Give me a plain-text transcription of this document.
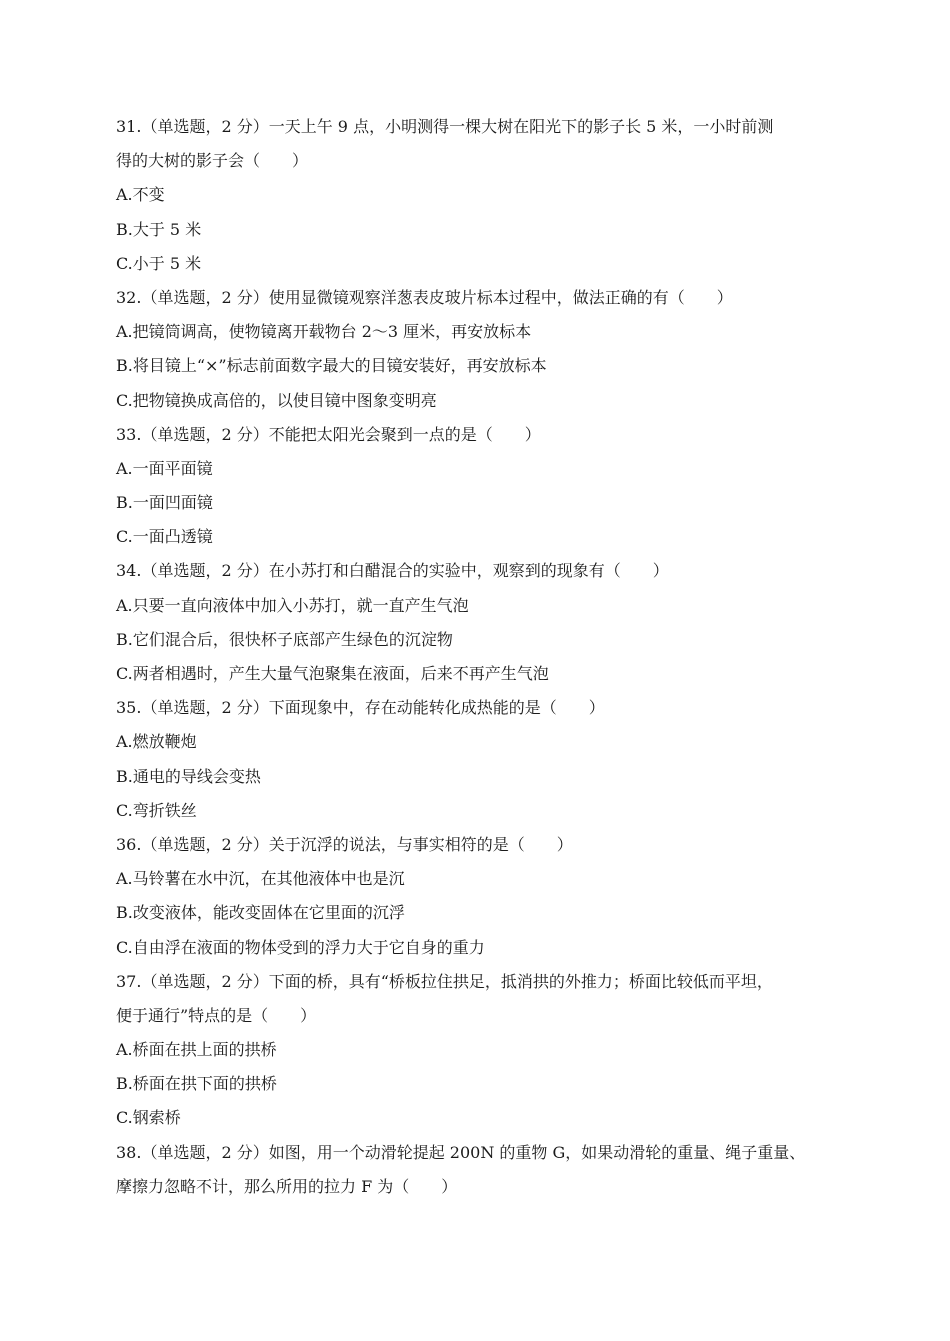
31.（单选题，2 分）一天上午 9 点，小明测得一棵大树在阳光下的影子长 5 米，一小时前测
得的大树的影子会（　　）
A.不变
B.大于 5 米
C.小于 5 米
32.（单选题，2 分）使用显微镜观察洋葱表皮玻片标本过程中，做法正确的有（　　）
A.把镜筒调高，使物镜离开载物台 2～3 厘米，再安放标本
B.将目镜上“×”标志前面数字最大的目镜安装好，再安放标本
C.把物镜换成高倍的，以使目镜中图象变明亮
33.（单选题，2 分）不能把太阳光会聚到一点的是（　　）
A.一面平面镜
B.一面凹面镜
C.一面凸透镜
34.（单选题，2 分）在小苏打和白醋混合的实验中，观察到的现象有（　　）
A.只要一直向液体中加入小苏打，就一直产生气泡
B.它们混合后，很快杯子底部产生绿色的沉淀物
C.两者相遇时，产生大量气泡聚集在液面，后来不再产生气泡
35.（单选题，2 分）下面现象中，存在动能转化成热能的是（　　）
A.燃放鞭炮
B.通电的导线会变热
C.弯折铁丝
36.（单选题，2 分）关于沉浮的说法，与事实相符的是（　　）
A.马铃薯在水中沉，在其他液体中也是沉
B.改变液体，能改变固体在它里面的沉浮
C.自由浮在液面的物体受到的浮力大于它自身的重力
37.（单选题，2 分）下面的桥，具有“桥板拉住拱足，抵消拱的外推力；桥面比较低而平坦，
便于通行”特点的是（　　）
A.桥面在拱上面的拱桥
B.桥面在拱下面的拱桥
C.钢索桥
38.（单选题，2 分）如图，用一个动滑轮提起 200N 的重物 G，如果动滑轮的重量、绳子重量、
摩擦力忽略不计，那么所用的拉力 F 为（　　）
